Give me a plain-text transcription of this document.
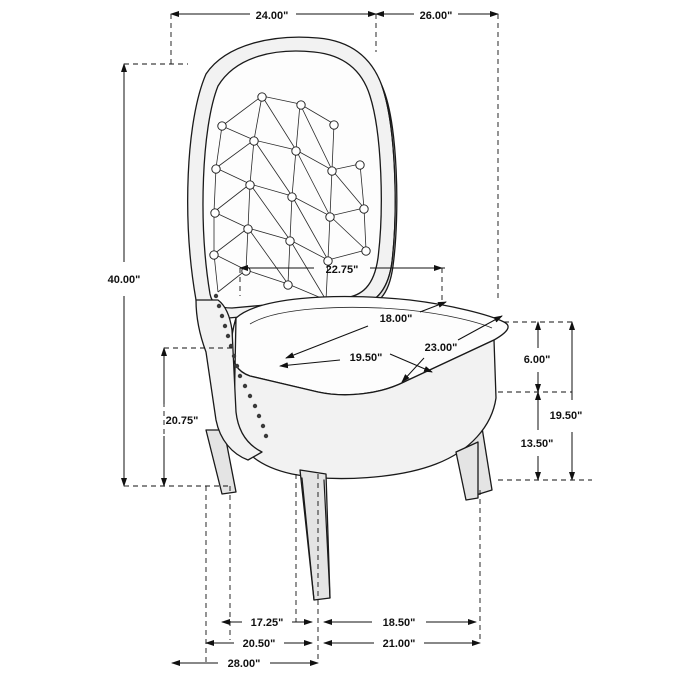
24.00"	26.00"
40.00"
22.75"
18.00"
23.00"
19.50"
20.75"
6.00"
19.50"
13.50"
17.25"	18.50"
20.50"	21.00"
28.00"
